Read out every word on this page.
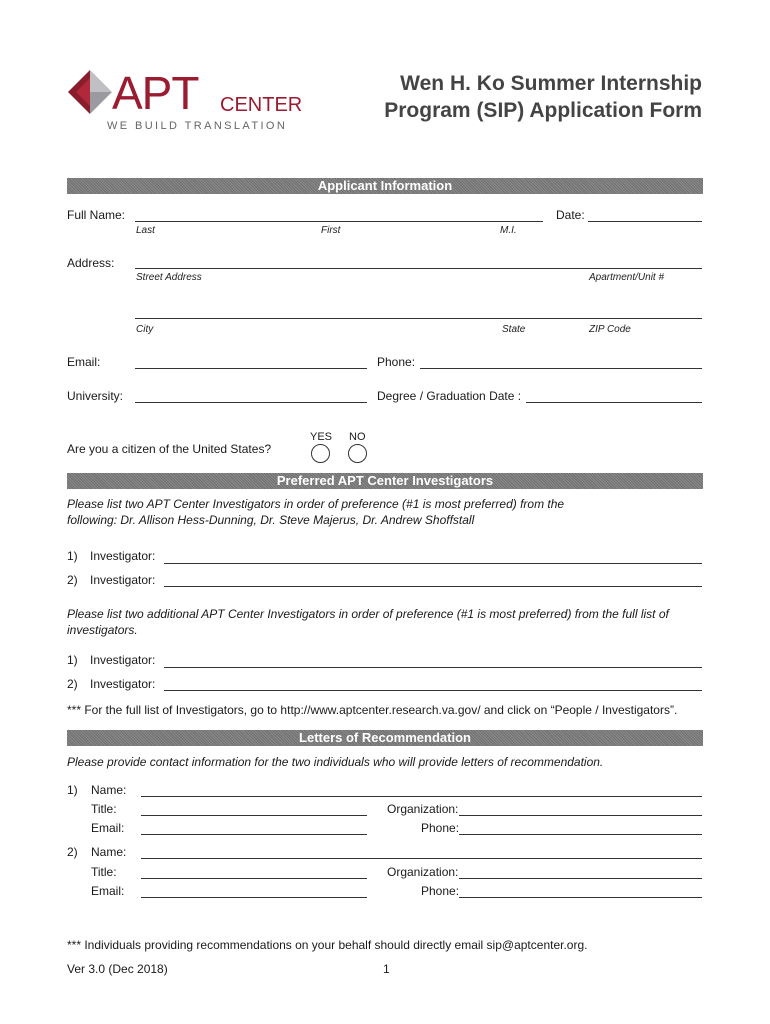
APT CENTER
WE BUILD TRANSLATION
Wen H. Ko Summer Internship
Program (SIP) Application Form
Applicant Information
Full Name:
Last	First	M.I.
Date:
Address:
Street Address	Apartment/Unit #
City	State	ZIP Code
Email:	Phone:
University:	Degree / Graduation Date :
Are you a citizen of the United States?
YES NO
Preferred APT Center Investigators
Please list two APT Center Investigators in order of preference (#1 is most preferred) from the following: Dr. Allison Hess-Dunning, Dr. Steve Majerus, Dr. Andrew Shoffstall
1) Investigator:
2) Investigator:
Please list two additional APT Center Investigators in order of preference (#1 is most preferred) from the full list of investigators.
1) Investigator:
2) Investigator:
*** For the full list of Investigators, go to http://www.aptcenter.research.va.gov/ and click on “People / Investigators”.
Letters of Recommendation
Please provide contact information for the two individuals who will provide letters of recommendation.
1) Name:
Title:	Organization:
Email:	Phone:
2) Name:
Title:	Organization:
Email:	Phone:
*** Individuals providing recommendations on your behalf should directly email sip@aptcenter.org.
Ver 3.0 (Dec 2018)	1
